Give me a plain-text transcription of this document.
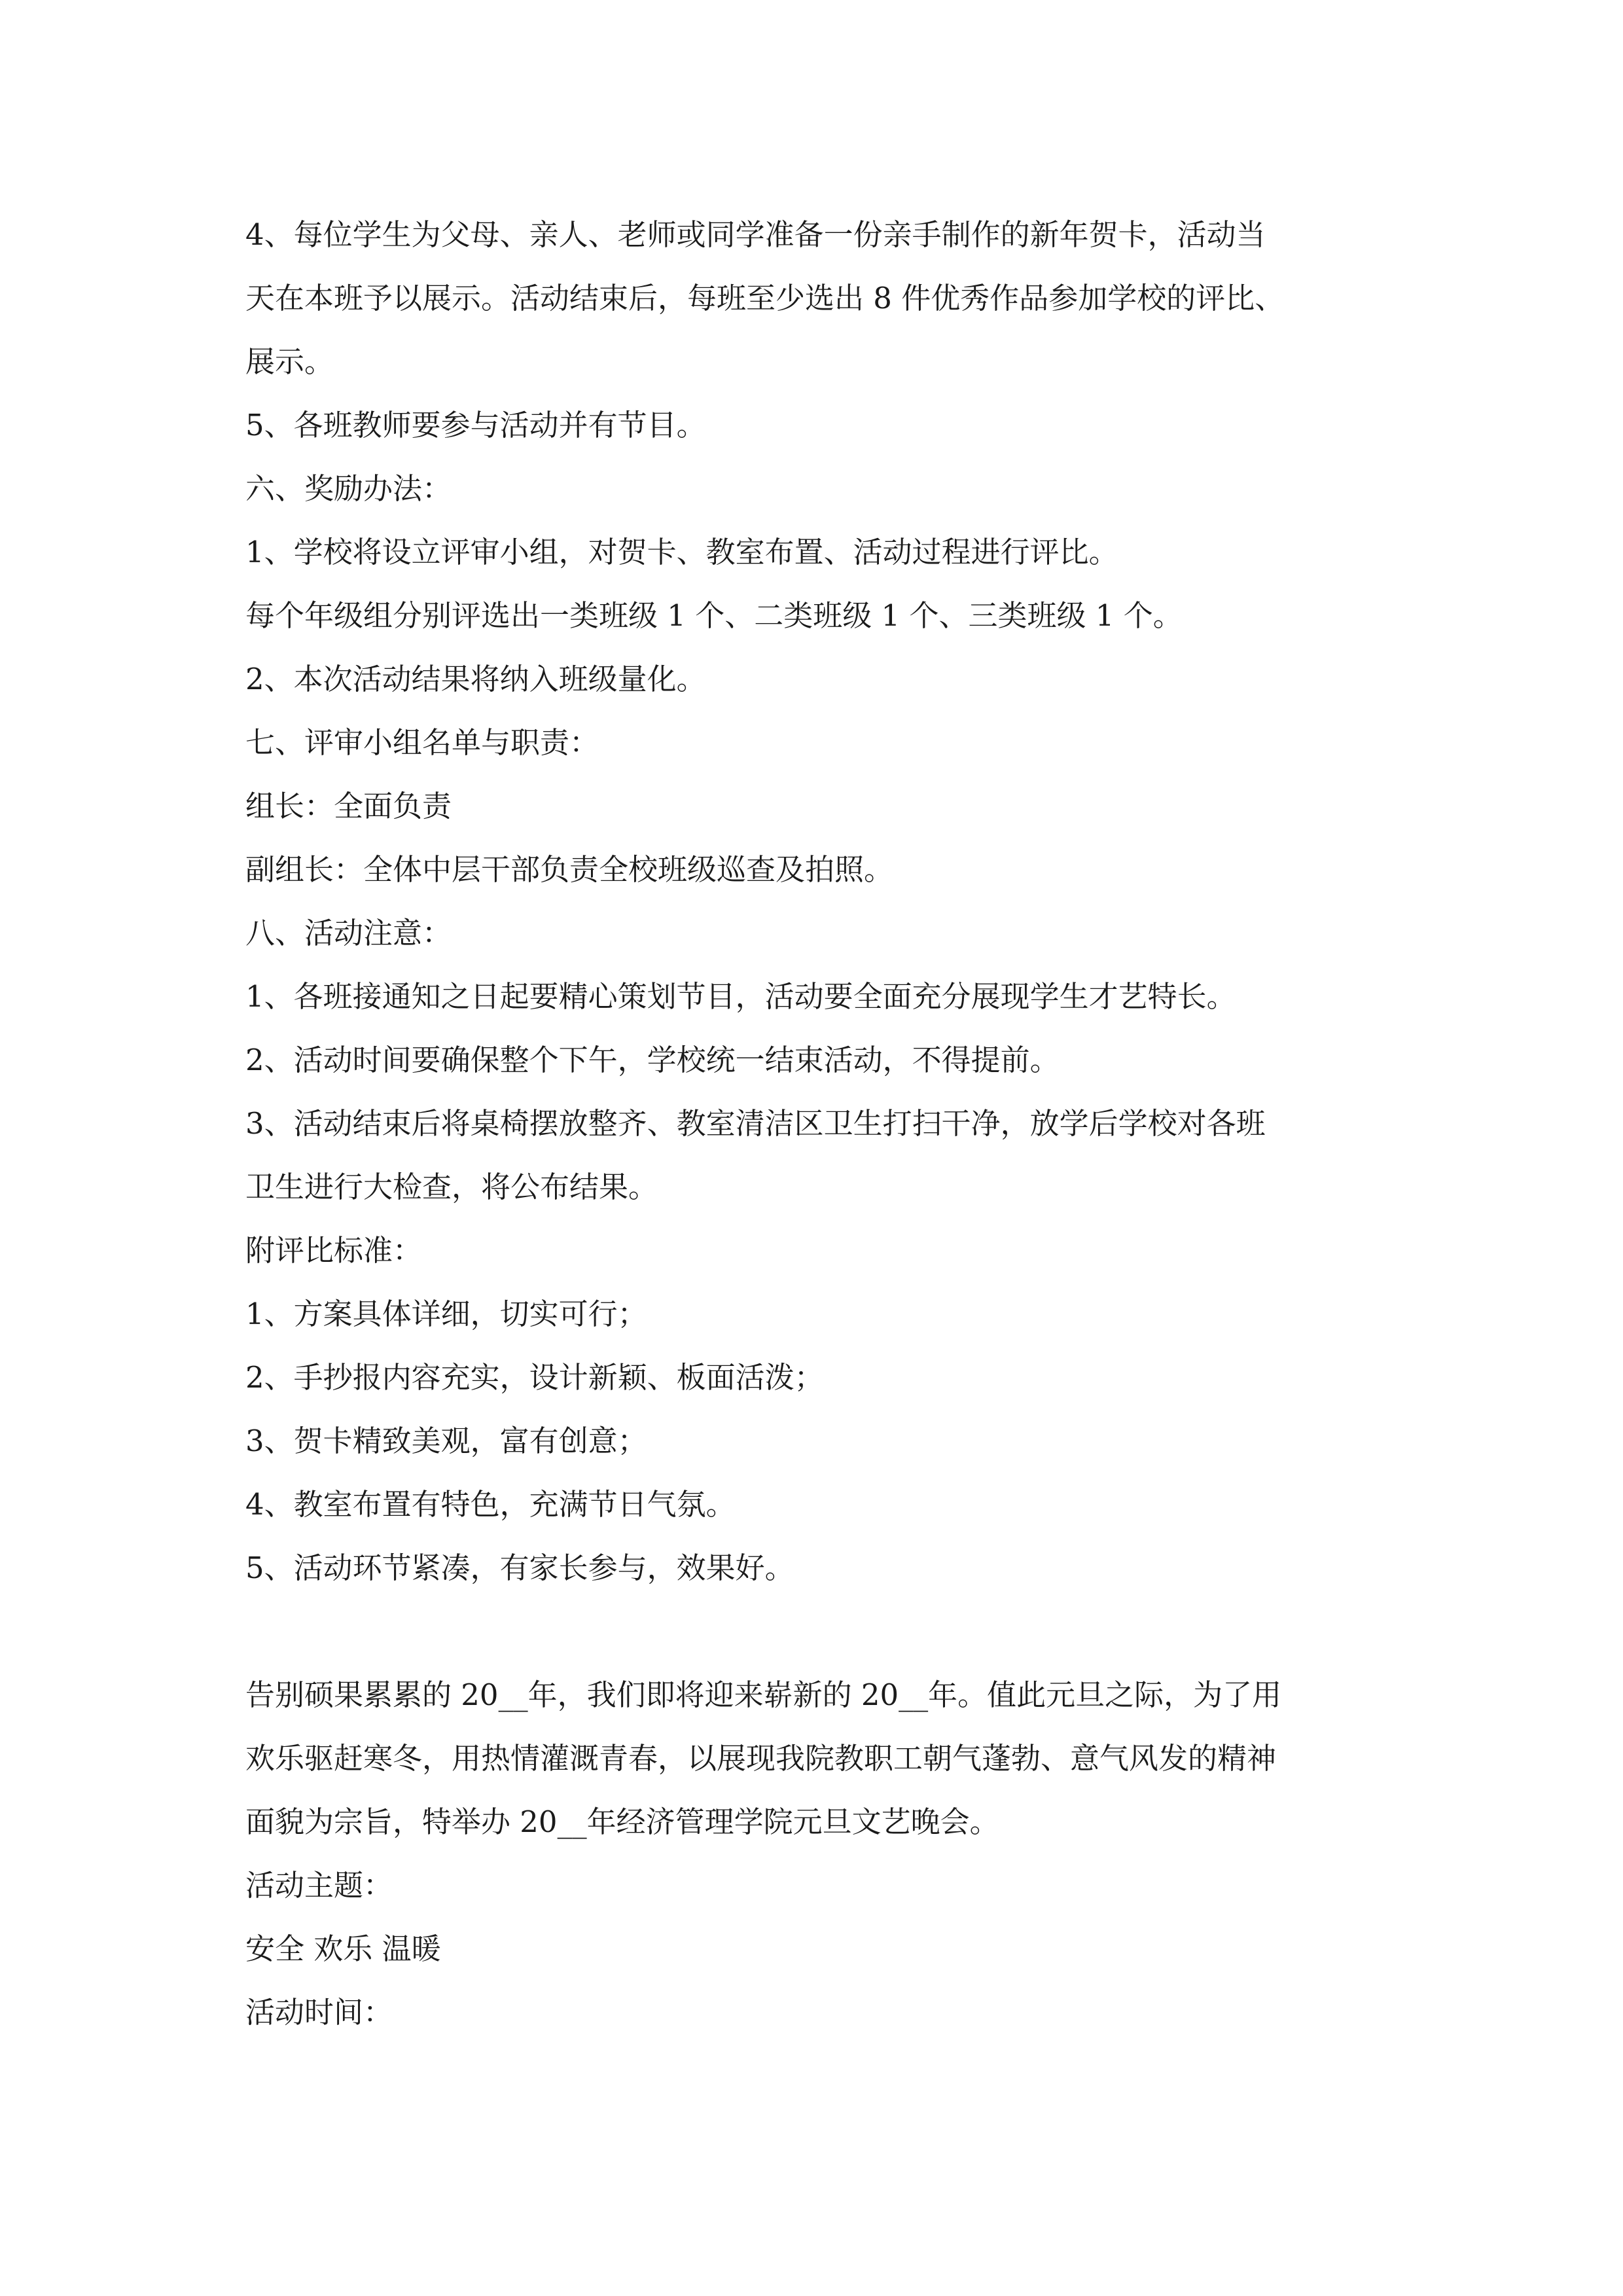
4、每位学生为父母、亲人、老师或同学准备一份亲手制作的新年贺卡，活动当

天在本班予以展示。活动结束后，每班至少选出 8 件优秀作品参加学校的评比、

展示。

5、各班教师要参与活动并有节目。

六、奖励办法：

1、学校将设立评审小组，对贺卡、教室布置、活动过程进行评比。

每个年级组分别评选出一类班级 1 个、二类班级 1 个、三类班级 1 个。

2、本次活动结果将纳入班级量化。

七、评审小组名单与职责：

组长：全面负责

副组长：全体中层干部负责全校班级巡查及拍照。

八、活动注意：

1、各班接通知之日起要精心策划节目，活动要全面充分展现学生才艺特长。

2、活动时间要确保整个下午，学校统一结束活动，不得提前。

3、活动结束后将桌椅摆放整齐、教室清洁区卫生打扫干净，放学后学校对各班

卫生进行大检查，将公布结果。

附评比标准：

1、方案具体详细，切实可行；

2、手抄报内容充实，设计新颖、板面活泼；

3、贺卡精致美观，富有创意；

4、教室布置有特色，充满节日气氛。

5、活动环节紧凑，有家长参与，效果好。

告别硕果累累的 20__年，我们即将迎来崭新的 20__年。值此元旦之际，为了用

欢乐驱赶寒冬，用热情灌溉青春，以展现我院教职工朝气蓬勃、意气风发的精神

面貌为宗旨，特举办 20__年经济管理学院元旦文艺晚会。

活动主题：

安全 欢乐 温暖

活动时间：
